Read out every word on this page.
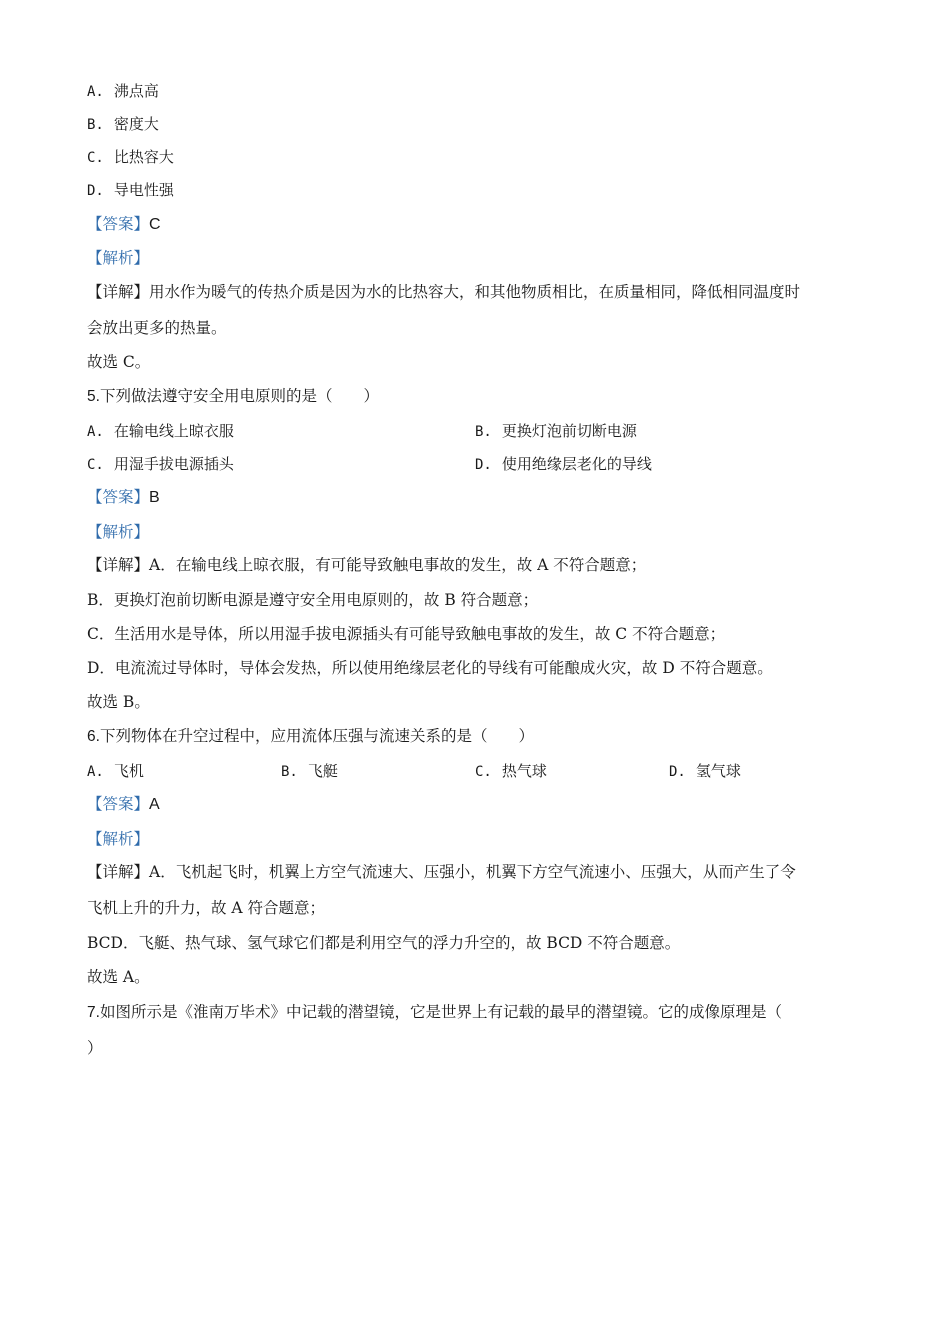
A. 沸点高
B. 密度大
C. 比热容大
D. 导电性强
【答案】C
【解析】
【详解】用水作为暖气的传热介质是因为水的比热容大，和其他物质相比，在质量相同，降低相同温度时
会放出更多的热量。
故选 C。
5.下列做法遵守安全用电原则的是（　　）
A. 在输电线上晾衣服	B. 更换灯泡前切断电源
C. 用湿手拔电源插头	D. 使用绝缘层老化的导线
【答案】B
【解析】
【详解】A．在输电线上晾衣服，有可能导致触电事故的发生，故 A 不符合题意；
B．更换灯泡前切断电源是遵守安全用电原则的，故 B 符合题意；
C．生活用水是导体，所以用湿手拔电源插头有可能导致触电事故的发生，故 C 不符合题意；
D．电流流过导体时，导体会发热，所以使用绝缘层老化的导线有可能酿成火灾，故 D 不符合题意。
故选 B。
6.下列物体在升空过程中，应用流体压强与流速关系的是（　　）
A. 飞机	B. 飞艇	C. 热气球	D. 氢气球
【答案】A
【解析】
【详解】A．飞机起飞时，机翼上方空气流速大、压强小，机翼下方空气流速小、压强大，从而产生了令
飞机上升的升力，故 A 符合题意；
BCD．飞艇、热气球、氢气球它们都是利用空气的浮力升空的，故 BCD 不符合题意。
故选 A。
7.如图所示是《淮南万毕术》中记载的潜望镜，它是世界上有记载的最早的潜望镜。它的成像原理是（
）
